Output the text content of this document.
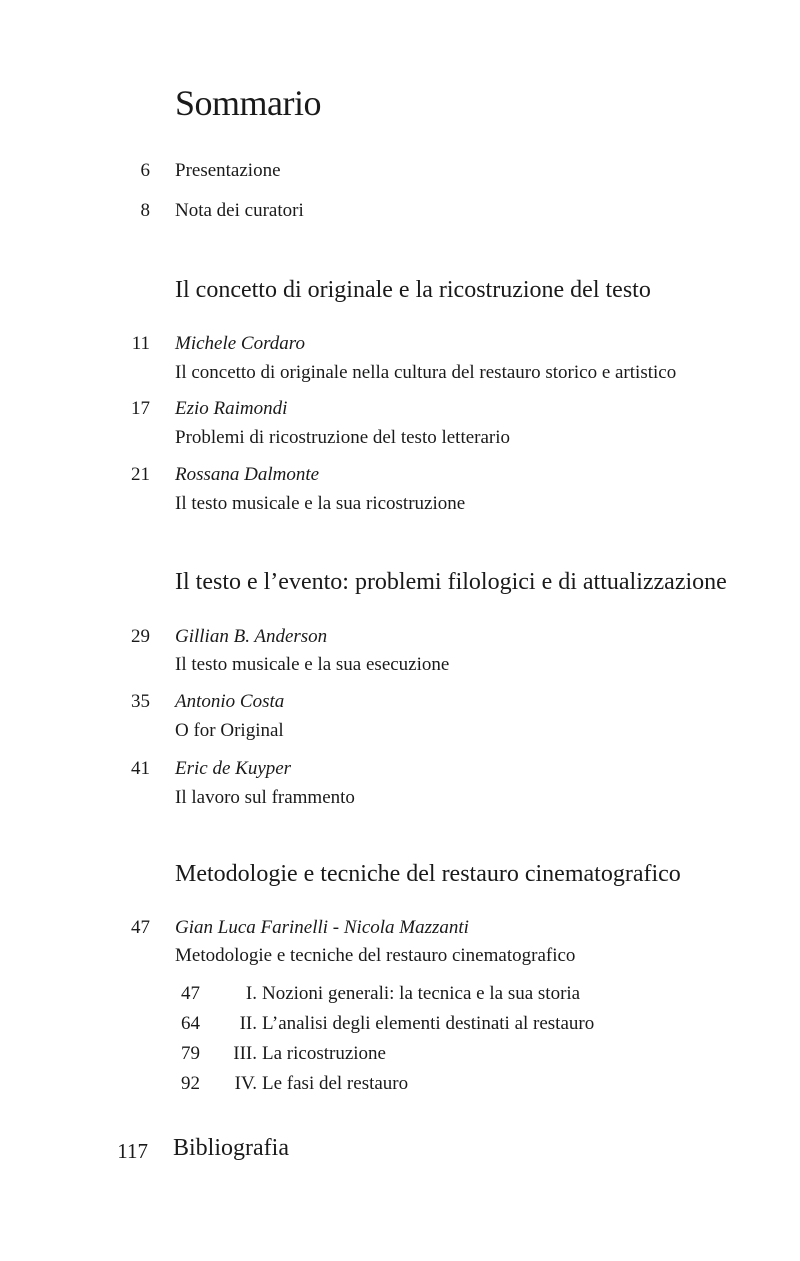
Sommario
6 Presentazione
8 Nota dei curatori
Il concetto di originale e la ricostruzione del testo
11 Michele Cordaro
Il concetto di originale nella cultura del restauro storico e artistico
17 Ezio Raimondi
Problemi di ricostruzione del testo letterario
21 Rossana Dalmonte
Il testo musicale e la sua ricostruzione
Il testo e l’evento: problemi filologici e di attualizzazione
29 Gillian B. Anderson
Il testo musicale e la sua esecuzione
35 Antonio Costa
O for Original
41 Eric de Kuyper
Il lavoro sul frammento
Metodologie e tecniche del restauro cinematografico
47 Gian Luca Farinelli - Nicola Mazzanti
Metodologie e tecniche del restauro cinematografico
47	I. Nozioni generali: la tecnica e la sua storia
64	II. L’analisi degli elementi destinati al restauro
79	III. La ricostruzione
92	IV. Le fasi del restauro
117 Bibliografia
